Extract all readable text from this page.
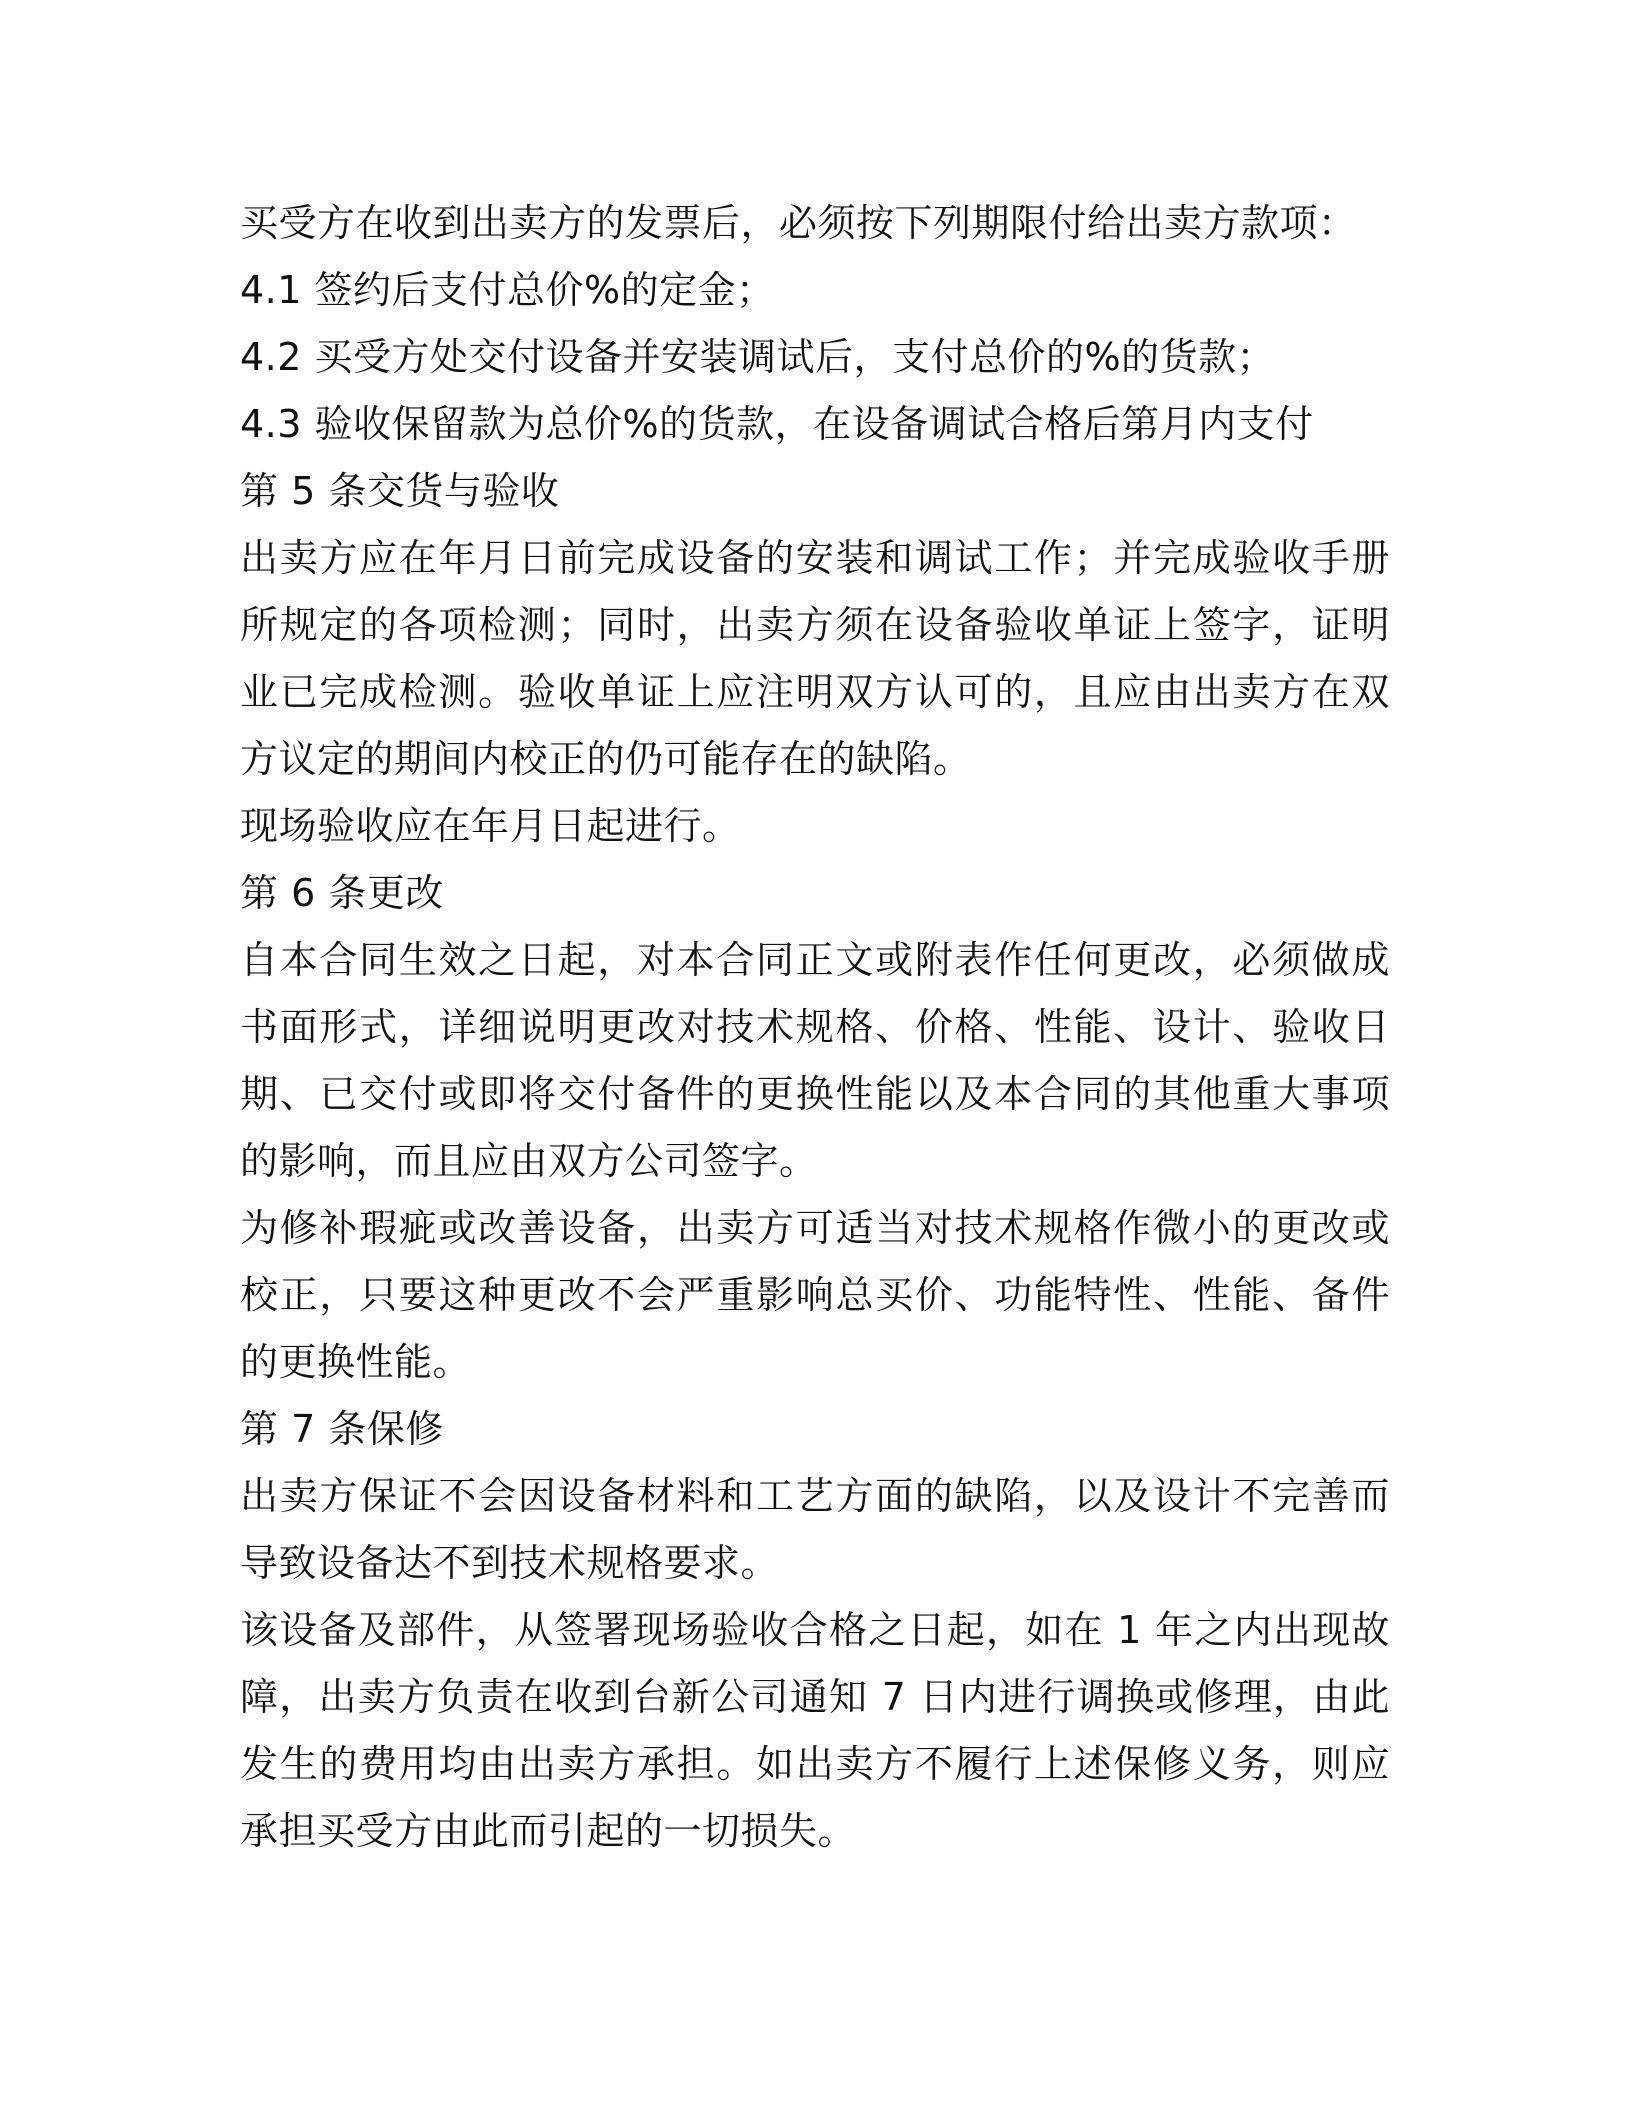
买受方在收到出卖方的发票后，必须按下列期限付给出卖方款项：

4.1 签约后支付总价%的定金；

4.2 买受方处交付设备并安装调试后，支付总价的%的货款；

4.3 验收保留款为总价%的货款，在设备调试合格后第月内支付

第 5 条交货与验收

出卖方应在年月日前完成设备的安装和调试工作；并完成验收手册所规定的各项检测；同时，出卖方须在设备验收单证上签字，证明业已完成检测。验收单证上应注明双方认可的，且应由出卖方在双方议定的期间内校正的仍可能存在的缺陷。

现场验收应在年月日起进行。

第 6 条更改

自本合同生效之日起，对本合同正文或附表作任何更改，必须做成书面形式，详细说明更改对技术规格、价格、性能、设计、验收日期、已交付或即将交付备件的更换性能以及本合同的其他重大事项的影响，而且应由双方公司签字。

为修补瑕疵或改善设备，出卖方可适当对技术规格作微小的更改或校正，只要这种更改不会严重影响总买价、功能特性、性能、备件的更换性能。

第 7 条保修

出卖方保证不会因设备材料和工艺方面的缺陷，以及设计不完善而导致设备达不到技术规格要求。

该设备及部件，从签署现场验收合格之日起，如在 1 年之内出现故障，出卖方负责在收到台新公司通知 7 日内进行调换或修理，由此发生的费用均由出卖方承担。如出卖方不履行上述保修义务，则应承担买受方由此而引起的一切损失。
